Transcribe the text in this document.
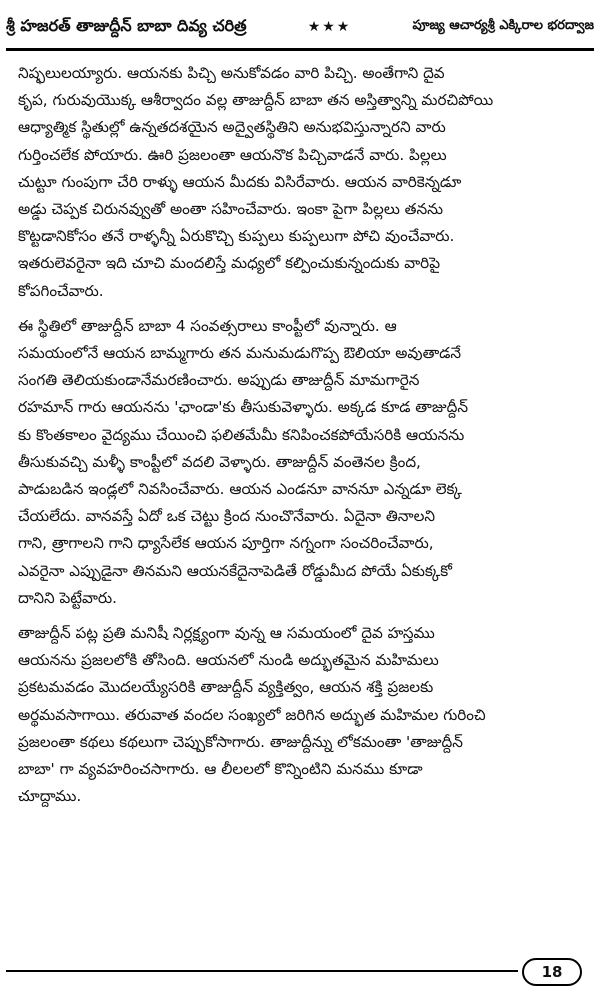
శ్రీ హజరత్ తాజుద్దీన్ బాబా దివ్య చరిత్ర	★★★	పూజ్య ఆచార్యశ్రీ ఎక్కిరాల భరద్వాజ

నిష్ఫలులయ్యారు. ఆయనకు పిచ్చి అనుకోవడం వారి పిచ్చి. అంతేగాని దైవ
కృప, గురువుయొక్క ఆశీర్వాదం వల్ల తాజుద్దీన్ బాబా తన అస్తిత్వాన్ని మరచిపోయి
ఆధ్యాత్మిక స్థితుల్లో ఉన్నతదశయైన అద్వైతస్థితిని అనుభవిస్తున్నారని వారు
గుర్తించలేక పోయారు. ఊరి ప్రజలంతా ఆయనొక పిచ్చివాడనే వారు. పిల్లలు
చుట్టూ గుంపుగా చేరి రాళ్ళు ఆయన మీదకు విసిరేవారు. ఆయన వారికెన్నడూ
అడ్డు చెప్పక చిరునవ్వుతో అంతా సహించేవారు. ఇంకా పైగా పిల్లలు తనను
కొట్టడానికోసం తనే రాళ్ళన్నీ ఏరుకొచ్చి కుప్పలు కుప్పలుగా పోచి వుంచేవారు.
ఇతరులెవరైనా ఇది చూచి మందలిస్తే మధ్యలో కల్పించుకున్నందుకు వారిపై
కోపగించేవారు.

ఈ స్థితిలో తాజుద్దీన్ బాబా 4 సంవత్సరాలు కాంప్టీలో వున్నారు. ఆ
సమయంలోనే ఆయన బామ్మగారు తన మనుమడుగొప్ప ఔలియా అవుతాడనే
సంగతి తెలియకుండానేమరణించారు. అప్పుడు తాజుద్దీన్ మామగారైన
రహమాన్ గారు ఆయనను 'ఛాండా'కు తీసుకువెళ్ళారు. అక్కడ కూడ తాజుద్దీన్
కు కొంతకాలం వైద్యము చేయించి ఫలితమేమీ కనిపించకపోయేసరికి ఆయనను
తీసుకువచ్చి మళ్ళీ కాంప్టీలో వదలి వెళ్ళారు. తాజుద్దీన్ వంతెనల క్రింద,
పాడుబడిన ఇండ్లలో నివసించేవారు. ఆయన ఎండనూ వాననూ ఎన్నడూ లెక్క
చేయలేదు. వానవస్తే ఏదో ఒక చెట్టు క్రింద నుంచొనేవారు. ఏదైనా తినాలని
గాని, త్రాగాలని గాని ధ్యాసేలేక ఆయన పూర్తిగా నగ్నంగా సంచరించేవారు,
ఎవరైనా ఎప్పుడైనా తినమని ఆయనకేదైనాపెడితే రోడ్డుమీద పోయే ఏకుక్కకో
దానిని పెట్టేవారు.

తాజుద్దీన్ పట్ల ప్రతి మనిషీ నిర్లక్ష్యంగా వున్న ఆ సమయంలో దైవ హస్తము
ఆయనను ప్రజలలోకి తోసింది. ఆయనలో నుండి అద్భుతమైన మహిమలు
ప్రకటమవడం మొదలయ్యేసరికి తాజుద్దీన్ వ్యక్తిత్వం, ఆయన శక్తి ప్రజలకు
అర్థమవసాగాయి. తరువాత వందల సంఖ్యలో జరిగిన అద్భుత మహిమల గురించి
ప్రజలంతా కథలు కథలుగా చెప్పుకోసాగారు. తాజుద్దీన్ను లోకమంతా 'తాజుద్దీన్
బాబా' గా వ్యవహరించసాగారు. ఆ లీలలలో కొన్నింటిని మనము కూడా
చూద్దాము.

18
